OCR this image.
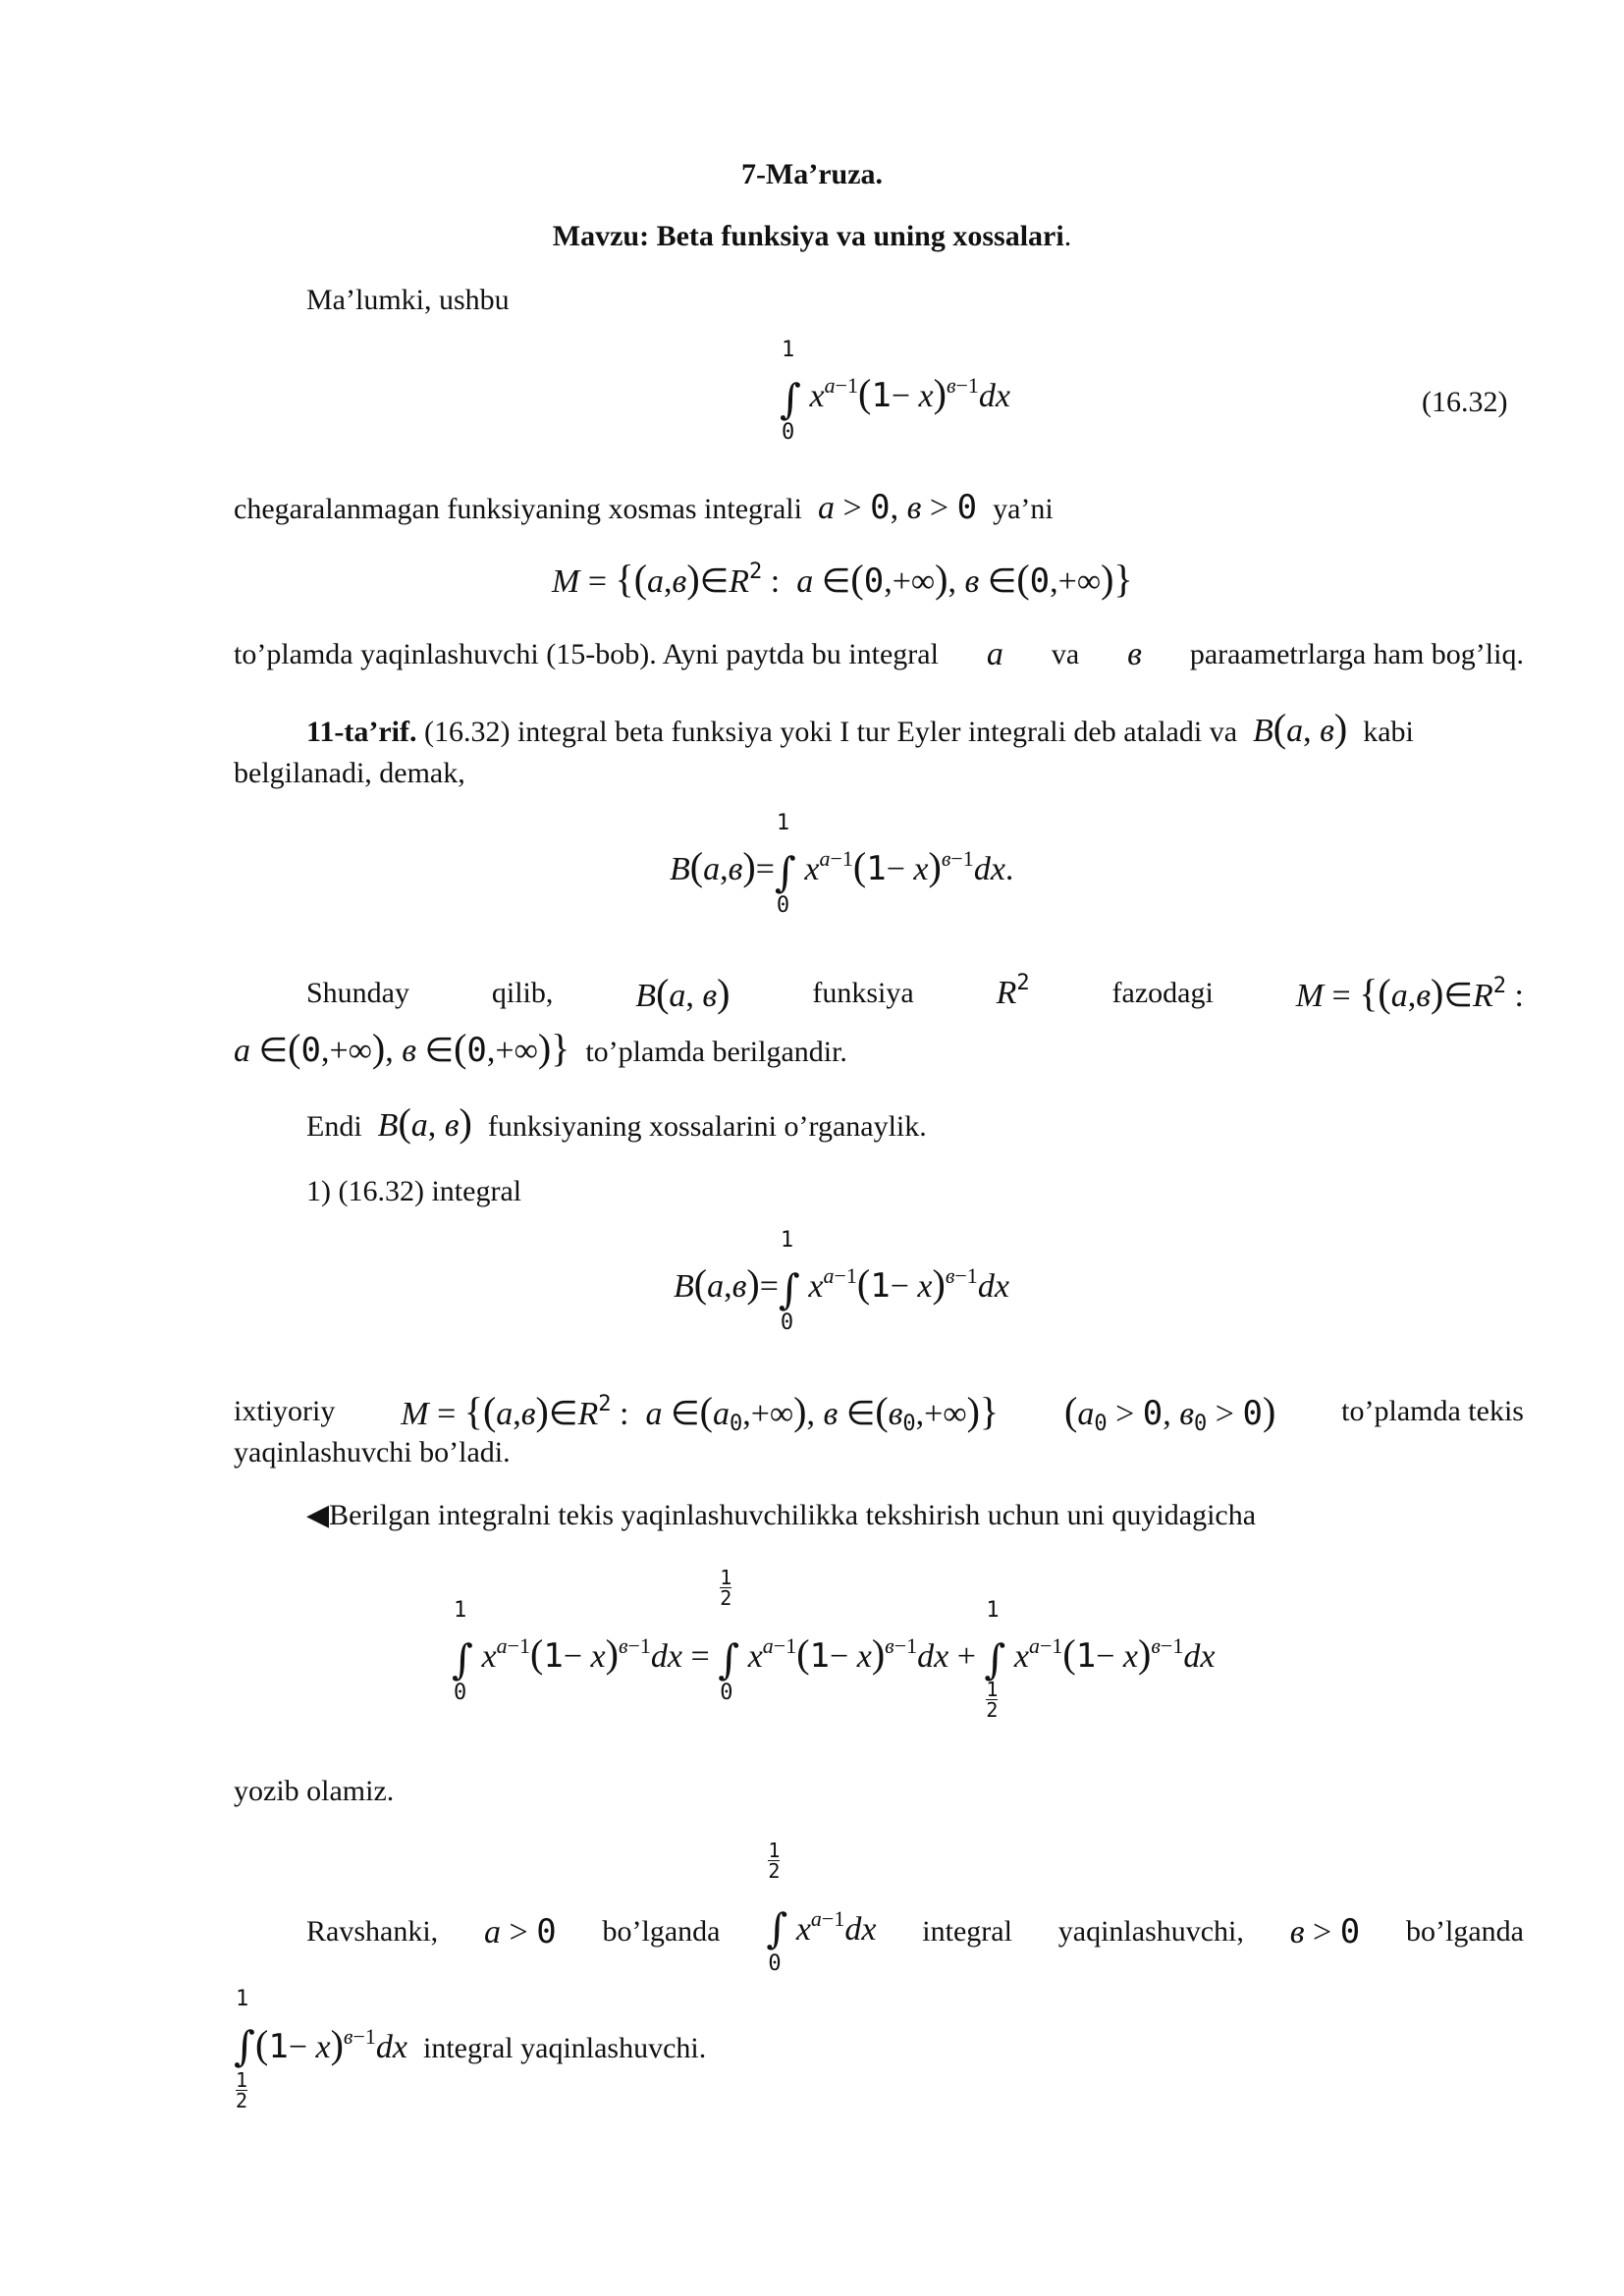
7-Ma’ruza.
Mavzu: Beta funksiya va uning xossalari.
Ma’lumki, ushbu
∫
1
0
$x^{a-1}(1- x)^{в-1}dx$	(16.32)
chegaralanmagan funksiyaning xosmas integrali a > 0, в > 0 ya’ni
$M = \{(a,в)\in R^2$ :  a ∈(0,+∞), в ∈(0,+∞)}
to’plamda yaqinlashuvchi (15-bob). Ayni paytda bu integral a va в paraametrlarga ham bog’liq.
11-ta’rif. (16.32) integral beta funksiya yoki I tur Eyler integrali deb ataladi va B(a, в) kabi
belgilanadi, demak,
B(a,в)= ∫
1
0
$x^{a-1}(1- x)^{в-1}dx$.
Shunday	qilib, B(a, в)	funksiya $R^2$	fazodagi $M = \{(a,в)\in R^2$ :
a ∈(0,+∞), в ∈(0,+∞)} to’plamda berilgandir.
Endi B(a, в) funksiyaning xossalarini o’rganaylik.
1) (16.32) integral
B(a,в)= ∫
1
0
$x^{a-1}(1- x)^{в-1}dx$
ixtiyoriy $M = \{(a,в)\in R^2$ :  a $\in(a_0,+\infty)$, в $\in(в_0,+\infty)$} ($a_0 > 0$, $в_0 > 0$) to’plamda tekis
yaqinlashuvchi bo’ladi.
◀Berilgan integralni tekis yaqinlashuvchilikka tekshirish uchun uni quyidagicha
∫
1
0
$x^{a-1}(1- x)^{в-1}dx$ = ∫
1
2
0
$x^{a-1}(1- x)^{в-1}dx$ + ∫
1
1
2
$x^{a-1}(1- x)^{в-1}dx$
yozib olamiz.
Ravshanki, a > 0 bo’lganda ∫
1
2
0
$x^{a-1}dx$ integral yaqinlashuvchi, в > 0 bo’lganda
∫
1
1
2
$(1- x)^{в-1}dx$ integral yaqinlashuvchi.
